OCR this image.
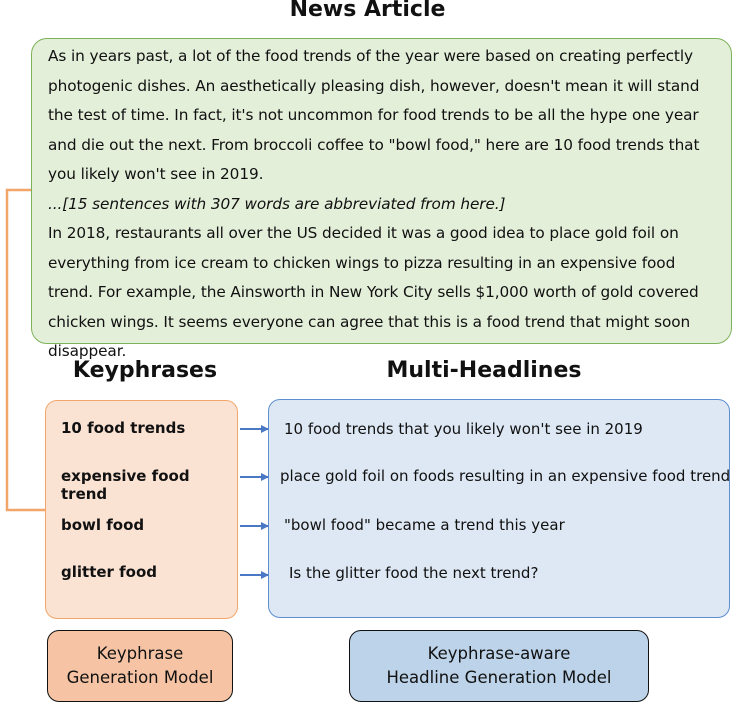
News Article

As in years past, a lot of the food trends of the year were based on creating perfectly photogenic dishes. An aesthetically pleasing dish, however, doesn't mean it will stand the test of time. In fact, it's not uncommon for food trends to be all the hype one year and die out the next. From broccoli coffee to "bowl food," here are 10 food trends that you likely won't see in 2019.

...[15 sentences with 307 words are abbreviated from here.]

In 2018, restaurants all over the US decided it was a good idea to place gold foil on everything from ice cream to chicken wings to pizza resulting in an expensive food trend. For example, the Ainsworth in New York City sells $1,000 worth of gold covered chicken wings. It seems everyone can agree that this is a food trend that might soon disappear.

Keyphrases	Multi-Headlines
10 food trends
expensive food trend
bowl food
glitter food
10 food trends that you likely won't see in 2019
place gold foil on foods resulting in an expensive food trend
"bowl food" became a trend this year
Is the glitter food the next trend?
Keyphrase
Generation Model
Keyphrase-aware
Headline Generation Model
